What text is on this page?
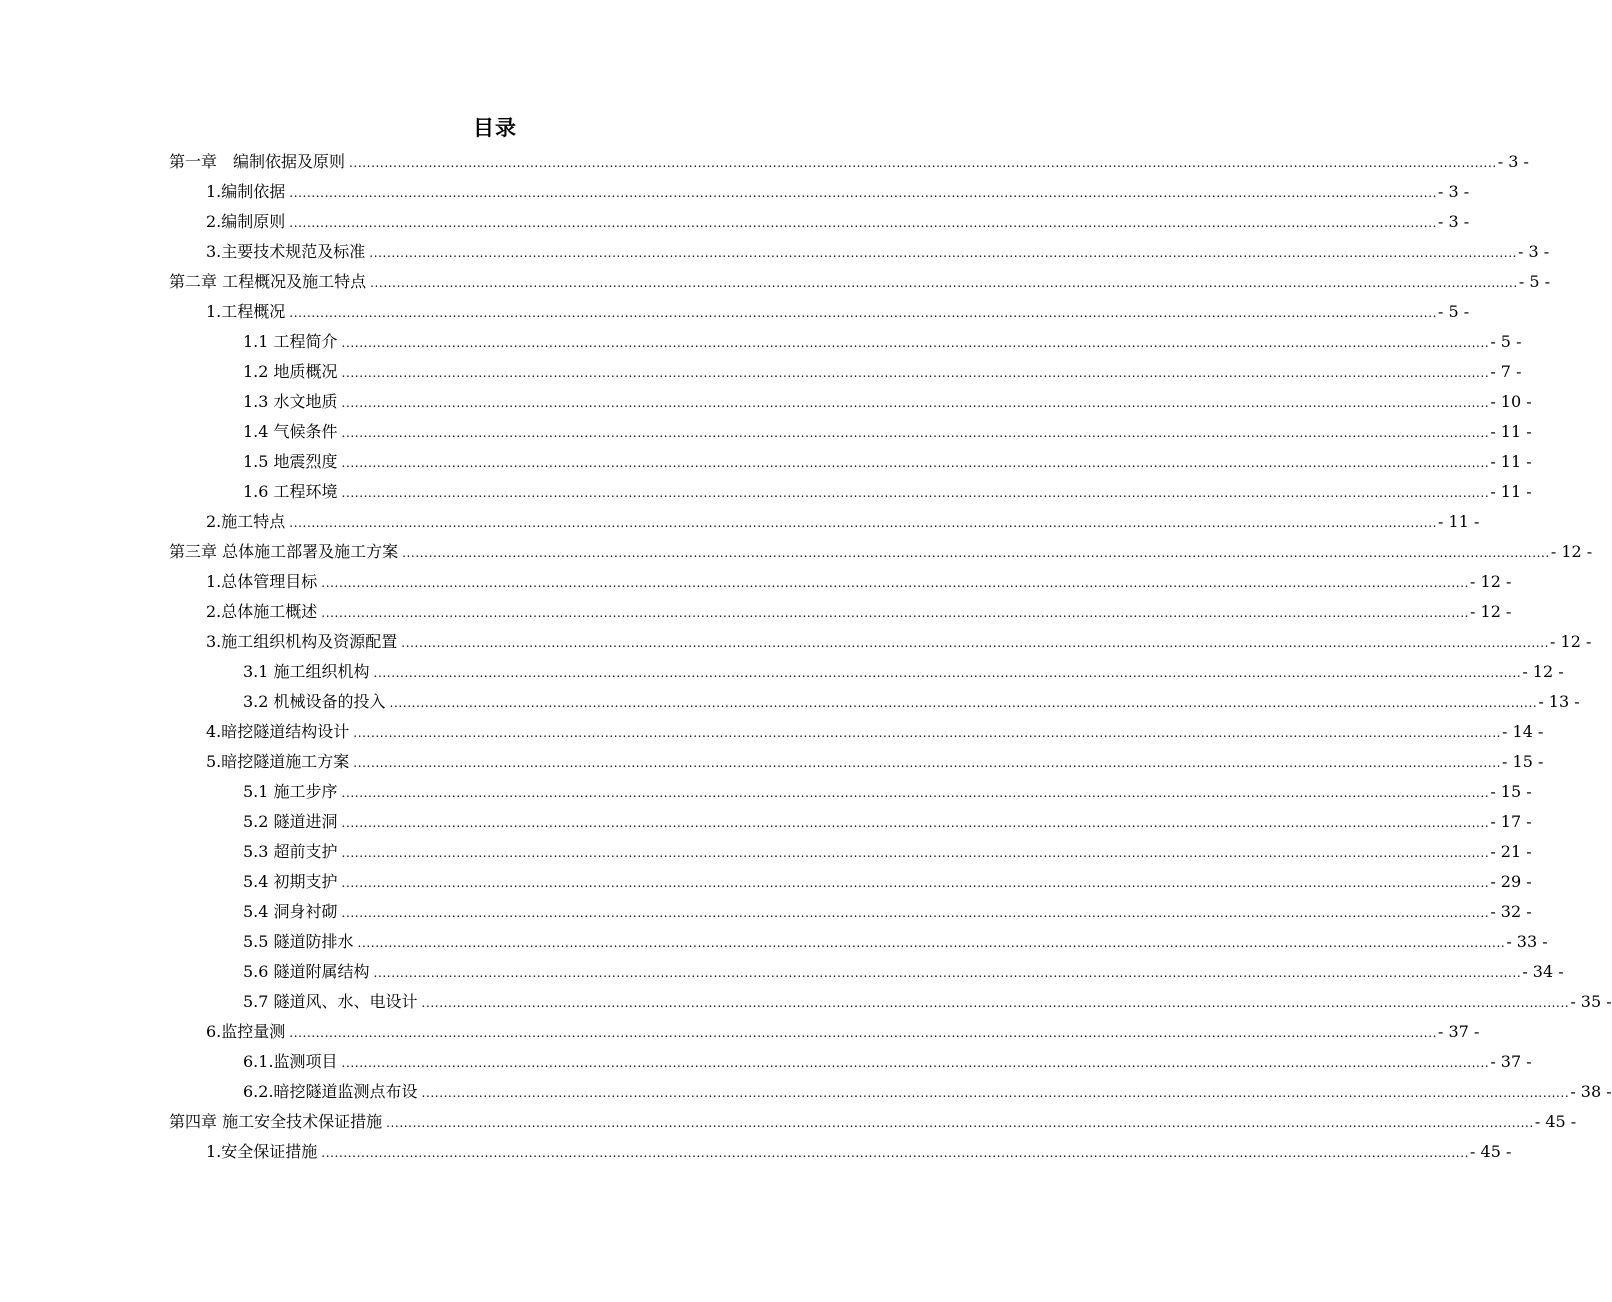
目录
第一章　编制依据及原则 .................................................................................................................................................................................................................................................................... - 3 -
1.编制依据 .................................................................................................................................................................................................................................................................... - 3 -
2.编制原则 .................................................................................................................................................................................................................................................................... - 3 -
3.主要技术规范及标准 .................................................................................................................................................................................................................................................................... - 3 -
第二章 工程概况及施工特点 .................................................................................................................................................................................................................................................................... - 5 -
1.工程概况 .................................................................................................................................................................................................................................................................... - 5 -
1.1 工程简介 .................................................................................................................................................................................................................................................................... - 5 -
1.2 地质概况 .................................................................................................................................................................................................................................................................... - 7 -
1.3 水文地质 .................................................................................................................................................................................................................................................................... - 10 -
1.4 气候条件 .................................................................................................................................................................................................................................................................... - 11 -
1.5 地震烈度 .................................................................................................................................................................................................................................................................... - 11 -
1.6 工程环境 .................................................................................................................................................................................................................................................................... - 11 -
2.施工特点 .................................................................................................................................................................................................................................................................... - 11 -
第三章 总体施工部署及施工方案 .................................................................................................................................................................................................................................................................... - 12 -
1.总体管理目标 .................................................................................................................................................................................................................................................................... - 12 -
2.总体施工概述 .................................................................................................................................................................................................................................................................... - 12 -
3.施工组织机构及资源配置 .................................................................................................................................................................................................................................................................... - 12 -
3.1 施工组织机构 .................................................................................................................................................................................................................................................................... - 12 -
3.2 机械设备的投入 .................................................................................................................................................................................................................................................................... - 13 -
4.暗挖隧道结构设计 .................................................................................................................................................................................................................................................................... - 14 -
5.暗挖隧道施工方案 .................................................................................................................................................................................................................................................................... - 15 -
5.1 施工步序 .................................................................................................................................................................................................................................................................... - 15 -
5.2 隧道进洞 .................................................................................................................................................................................................................................................................... - 17 -
5.3 超前支护 .................................................................................................................................................................................................................................................................... - 21 -
5.4 初期支护 .................................................................................................................................................................................................................................................................... - 29 -
5.4 洞身衬砌 .................................................................................................................................................................................................................................................................... - 32 -
5.5 隧道防排水 .................................................................................................................................................................................................................................................................... - 33 -
5.6 隧道附属结构 .................................................................................................................................................................................................................................................................... - 34 -
5.7 隧道风、水、电设计 .................................................................................................................................................................................................................................................................... - 35 -
6.监控量测 .................................................................................................................................................................................................................................................................... - 37 -
6.1.监测项目 .................................................................................................................................................................................................................................................................... - 37 -
6.2.暗挖隧道监测点布设 .................................................................................................................................................................................................................................................................... - 38 -
第四章 施工安全技术保证措施 .................................................................................................................................................................................................................................................................... - 45 -
1.安全保证措施 .................................................................................................................................................................................................................................................................... - 45 -
